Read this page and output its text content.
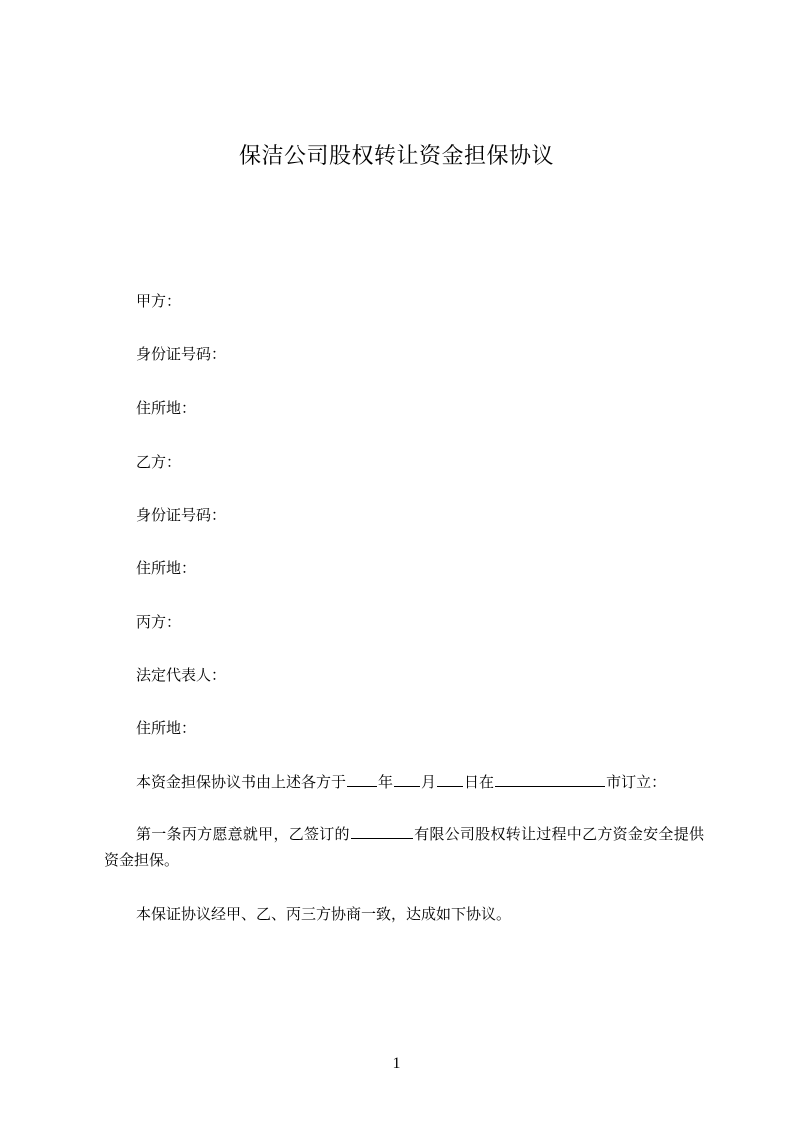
保洁公司股权转让资金担保协议
甲方：
身份证号码：
住所地：
乙方：
身份证号码：
住所地：
丙方：
法定代表人：
住所地：
本资金担保协议书由上述各方于 年 月 日在	市订立：
第一条丙方愿意就甲，乙签订的	有限公司股权转让过程中乙方资金安全提供资金担保。
本保证协议经甲、乙、丙三方协商一致，达成如下协议。
1
